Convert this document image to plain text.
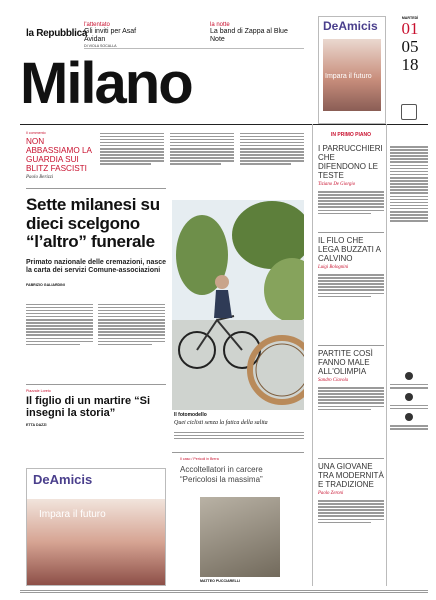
la Repubblica
l'attentato
Gli inviti per Asaf Avidan
DI VIOLA SOCALLA
la notte
La band di Zappa al Blue Note
Milano
DeAmicis
Impara il futuro
MARTEDÌ
01
05
18
Il commento
NON ABBASSIAMO LA GUARDIA SUI BLITZ FASCISTI
Paolo Berizzi
Sette milanesi su dieci scelgono “l’altro” funerale
Primato nazionale delle cremazioni, nasce la carta dei servizi Comune-associazioni
FABRIZIO GALIARDINI
Piazzale Loreto
Il figlio di un martire “Si insegni la storia”
ETTA DAZZI
Il fotomodello
Quei ciclisti senza la fatica della salita
Il caso / Pericoli in Brera
Accoltellatori in carcere “Pericolosi la massima”
MATTEO PUCCIARELLI
DeAmicis
Impara il futuro
IN PRIMO PIANO
I PARRUCCHIERI CHE DIFENDONO LE TESTE
Tiziano De Giorgio
IL FILO CHE LEGA BUZZATI A CALVINO
Luigi Bolognini
PARTITE COSÌ FANNO MALE ALL'OLIMPIA
Sandro Ciavola
UNA GIOVANE TRA MODERNITÀ E TRADIZIONE
Paolo Zeroni
